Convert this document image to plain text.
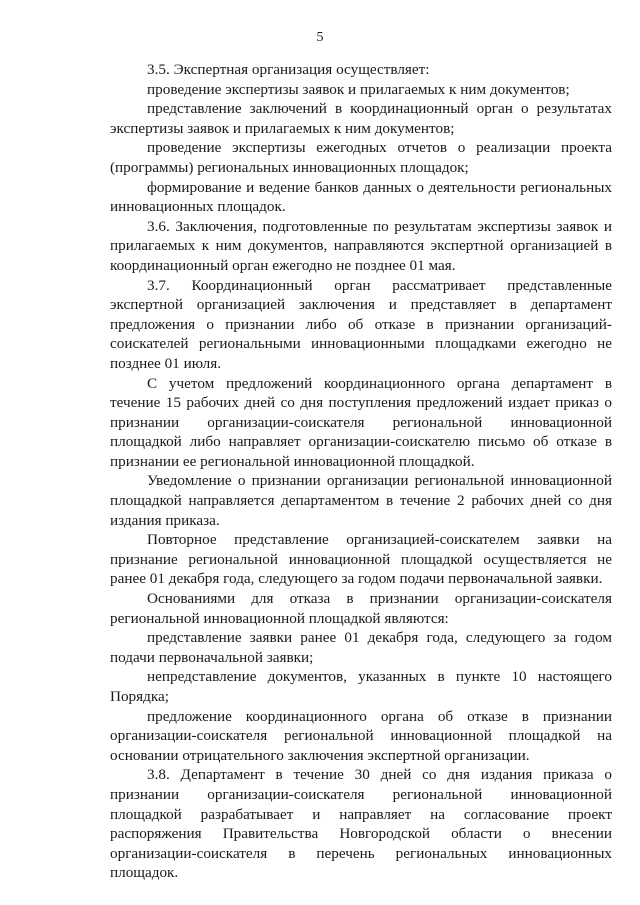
5

3.5. Экспертная организация осуществляет:

проведение экспертизы заявок и прилагаемых к ним документов;

представление заключений в координационный орган о результатах экспертизы заявок и прилагаемых к ним документов;

проведение экспертизы ежегодных отчетов о реализации проекта (программы) региональных инновационных площадок;

формирование и ведение банков данных о деятельности региональных инновационных площадок.

3.6. Заключения, подготовленные по результатам экспертизы заявок и прилагаемых к ним документов, направляются экспертной организацией в координационный орган ежегодно не позднее 01 мая.

3.7. Координационный орган рассматривает представленные экспертной организацией заключения и представляет в департамент предложения о признании либо об отказе в признании организаций-соискателей региональными инновационными площадками ежегодно не позднее 01 июля.

С учетом предложений координационного органа департамент в течение 15 рабочих дней со дня поступления предложений издает приказ о признании организации-соискателя региональной инновационной площадкой либо направляет организации-соискателю письмо об отказе в признании ее региональной инновационной площадкой.

Уведомление о признании организации региональной инновационной площадкой направляется департаментом в течение 2 рабочих дней со дня издания приказа.

Повторное представление организацией-соискателем заявки на признание региональной инновационной площадкой осуществляется не ранее 01 декабря года, следующего за годом подачи первоначальной заявки.

Основаниями для отказа в признании организации-соискателя региональной инновационной площадкой являются:

представление заявки ранее 01 декабря года, следующего за годом подачи первоначальной заявки;

непредставление документов, указанных в пункте 10 настоящего Порядка;

предложение координационного органа об отказе в признании организации-соискателя региональной инновационной площадкой на основании отрицательного заключения экспертной организации.

3.8. Департамент в течение 30 дней со дня издания приказа о признании организации-соискателя региональной инновационной площадкой разрабатывает и направляет на согласование проект распоряжения Правительства Новгородской области о внесении организации-соискателя в перечень региональных инновационных площадок.
